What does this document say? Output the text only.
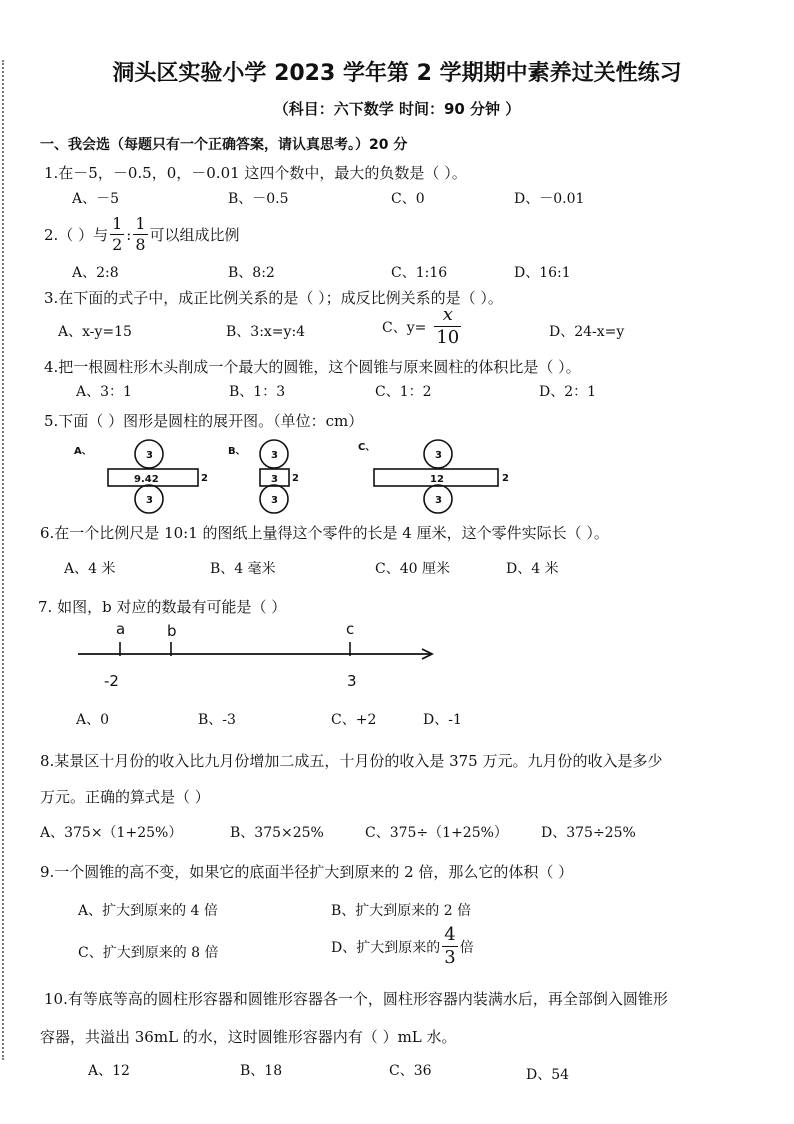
洞头区实验小学 2023 学年第 2 学期期中素养过关性练习
（科目：六下数学 时间：90 分钟 ）
一、我会选（每题只有一个正确答案，请认真思考。）20 分
1.在－5，－0.5，0，－0.01 这四个数中，最大的负数是（ ）。
A、－5	B、－0.5	C、0	D、－0.01
2.（ ）与 $\frac{1}{2}$ : $\frac{1}{8}$ 可以组成比例
A、2:8	B、8:2	C、1:16	D、16:1
3.在下面的式子中，成正比例关系的是（ ）；成反比例关系的是（ ）。
A、x-y=15	B、3:x=y:4	C、$y= \frac{x}{10}$	D、24-x=y
4.把一根圆柱形木头削成一个最大的圆锥，这个圆锥与原来圆柱的体积比是（ ）。
A、3：1	B、1：3	C、1：2	D、2：1
5.下面（ ）图形是圆柱的展开图。（单位：cm）
A、	3
9.42
3
2
B、	3
3
3
2
C、
3
12
3
2
6.在一个比例尺是 10:1 的图纸上量得这个零件的长是 4 厘米，这个零件实际长（ ）。
A、4 米	B、4 毫米	C、40 厘米	D、4 米
7. 如图，b 对应的数最有可能是（ ）
a	b	c
-2	3
A、0	B、-3	C、+2	D、-1
8.某景区十月份的收入比九月份增加二成五，十月份的收入是 375 万元。九月份的收入是多少
万元。正确的算式是（ ）
A、375×（1+25%）	B、375×25%	C、375÷（1+25%） D、375÷25%
9.一个圆锥的高不变，如果它的底面半径扩大到原来的 2 倍，那么它的体积（ ）
A、扩大到原来的 4 倍	B、扩大到原来的 2 倍
C、扩大到原来的 8 倍	D、扩大到原来的 $\frac{4}{3}$ 倍
10.有等底等高的圆柱形容器和圆锥形容器各一个，圆柱形容器内装满水后，再全部倒入圆锥形
容器，共溢出 36mL 的水，这时圆锥形容器内有（ ）mL 水。
A、12	B、18	C、36	D、54
